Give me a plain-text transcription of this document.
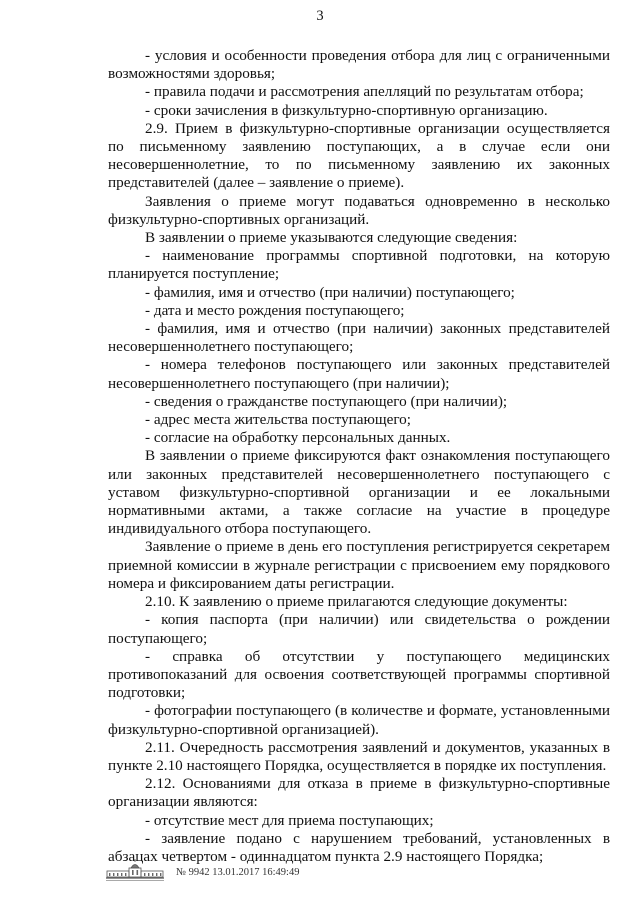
3

- условия и особенности проведения отбора для лиц с ограниченными возможностями здоровья;

- правила подачи и рассмотрения апелляций по результатам отбора;

- сроки зачисления в физкультурно-спортивную организацию.

2.9. Прием в физкультурно-спортивные организации осуществляется по письменному заявлению поступающих, а в случае если они несовершеннолетние, то по письменному заявлению их законных представителей (далее – заявление о приеме).

Заявления о приеме могут подаваться одновременно в несколько физкультурно-спортивных организаций.

В заявлении о приеме указываются следующие сведения:

- наименование программы спортивной подготовки, на которую планируется поступление;

- фамилия, имя и отчество (при наличии) поступающего;

- дата и место рождения поступающего;

- фамилия, имя и отчество (при наличии) законных представителей несовершеннолетнего поступающего;

- номера телефонов поступающего или законных представителей несовершеннолетнего поступающего (при наличии);

- сведения о гражданстве поступающего (при наличии);

- адрес места жительства поступающего;

- согласие на обработку персональных данных.

В заявлении о приеме фиксируются факт ознакомления поступающего или законных представителей несовершеннолетнего поступающего с уставом физкультурно-спортивной организации и ее локальными нормативными актами, а также согласие на участие в процедуре индивидуального отбора поступающего.

Заявление о приеме в день его поступления регистрируется секретарем приемной комиссии в журнале регистрации с присвоением ему порядкового номера и фиксированием даты регистрации.

2.10. К заявлению о приеме прилагаются следующие документы:

- копия паспорта (при наличии) или свидетельства о рождении поступающего;

- справка об отсутствии у поступающего медицинских противопоказаний для освоения соответствующей программы спортивной подготовки;

- фотографии поступающего (в количестве и формате, установленными физкультурно-спортивной организацией).

2.11. Очередность рассмотрения заявлений и документов, указанных в пункте 2.10 настоящего Порядка, осуществляется в порядке их поступления.

2.12. Основаниями для отказа в приеме в физкультурно-спортивные организации являются:

- отсутствие мест для приема поступающих;

- заявление подано с нарушением требований, установленных в абзацах четвертом - одиннадцатом пункта 2.9 настоящего Порядка;

№ 9942 13.01.2017 16:49:49
